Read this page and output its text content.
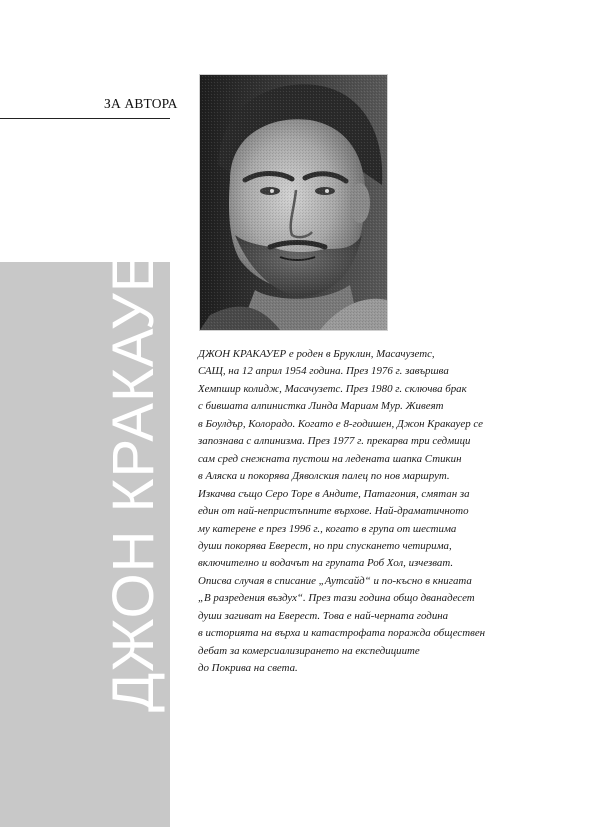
ЗА АВТОРА
ДЖОН КРАКАУЕР	ДЖОН КРАКАУЕР е роден в Бруклин, Масачузетс,
САЩ, на 12 април 1954 година. През 1976 г. завършва
Хемпшир колидж, Масачузетс. През 1980 г. сключва брак
с бившата алпинистка Линда Мариам Мур. Живеят
в Боулдър, Колорадо. Когато е 8-годишен, Джон Кракауер се
запознава с алпинизма. През 1977 г. прекарва три седмици
сам сред снежната пустош на ледената шапка Стикин
в Аляска и покорява Дяволския палец по нов маршрут.
Изкачва също Серо Торе в Андите, Патагония, смятан за
един от най-непристъпните върхове. Най-драматичното
му катерене е през 1996 г., когато в група от шестима
души покорява Еверест, но при спускането четирима,
включително и водачът на групата Роб Хол, изчезват.
Описва случая в списание „Аутсайд“ и по-късно в книгата
„В разредения въздух“. През тази година общо дванадесет
души загиват на Еверест. Това е най-черната година
в историята на върха и катастрофата поражда обществен
дебат за комерсиализирането на експедициите
до Покрива на света.
